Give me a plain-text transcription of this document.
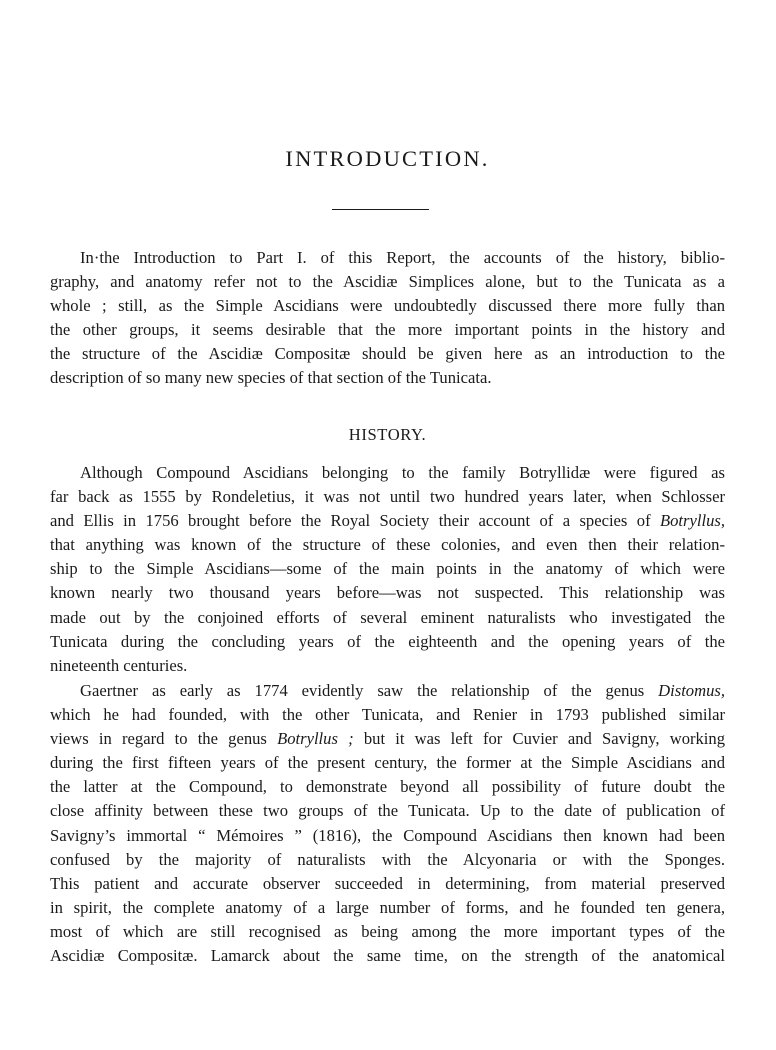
INTRODUCTION.

In·the Introduction to Part I. of this Report, the accounts of the history, biblio-
graphy, and anatomy refer not to the Ascidiæ Simplices alone, but to the Tunicata as a
whole ; still, as the Simple Ascidians were undoubtedly discussed there more fully than
the other groups, it seems desirable that the more important points in the history and
the structure of the Ascidiæ Compositæ should be given here as an introduction to the
description of so many new species of that section of the Tunicata.

HISTORY.

Although Compound Ascidians belonging to the family Botryllidæ were figured as
far back as 1555 by Rondeletius, it was not until two hundred years later, when Schlosser
and Ellis in 1756 brought before the Royal Society their account of a species of Botryllus,
that anything was known of the structure of these colonies, and even then their relation-
ship to the Simple Ascidians—some of the main points in the anatomy of which were
known nearly two thousand years before—was not suspected. This relationship was
made out by the conjoined efforts of several eminent naturalists who investigated the
Tunicata during the concluding years of the eighteenth and the opening years of the
nineteenth centuries.

Gaertner as early as 1774 evidently saw the relationship of the genus Distomus,
which he had founded, with the other Tunicata, and Renier in 1793 published similar
views in regard to the genus Botryllus ; but it was left for Cuvier and Savigny, working
during the first fifteen years of the present century, the former at the Simple Ascidians and
the latter at the Compound, to demonstrate beyond all possibility of future doubt the
close affinity between these two groups of the Tunicata. Up to the date of publication of
Savigny’s immortal “ Mémoires ” (1816), the Compound Ascidians then known had been
confused by the majority of naturalists with the Alcyonaria or with the Sponges.
This patient and accurate observer succeeded in determining, from material preserved
in spirit, the complete anatomy of a large number of forms, and he founded ten genera,
most of which are still recognised as being among the more important types of the
Ascidiæ Compositæ. Lamarck about the same time, on the strength of the anatomical
